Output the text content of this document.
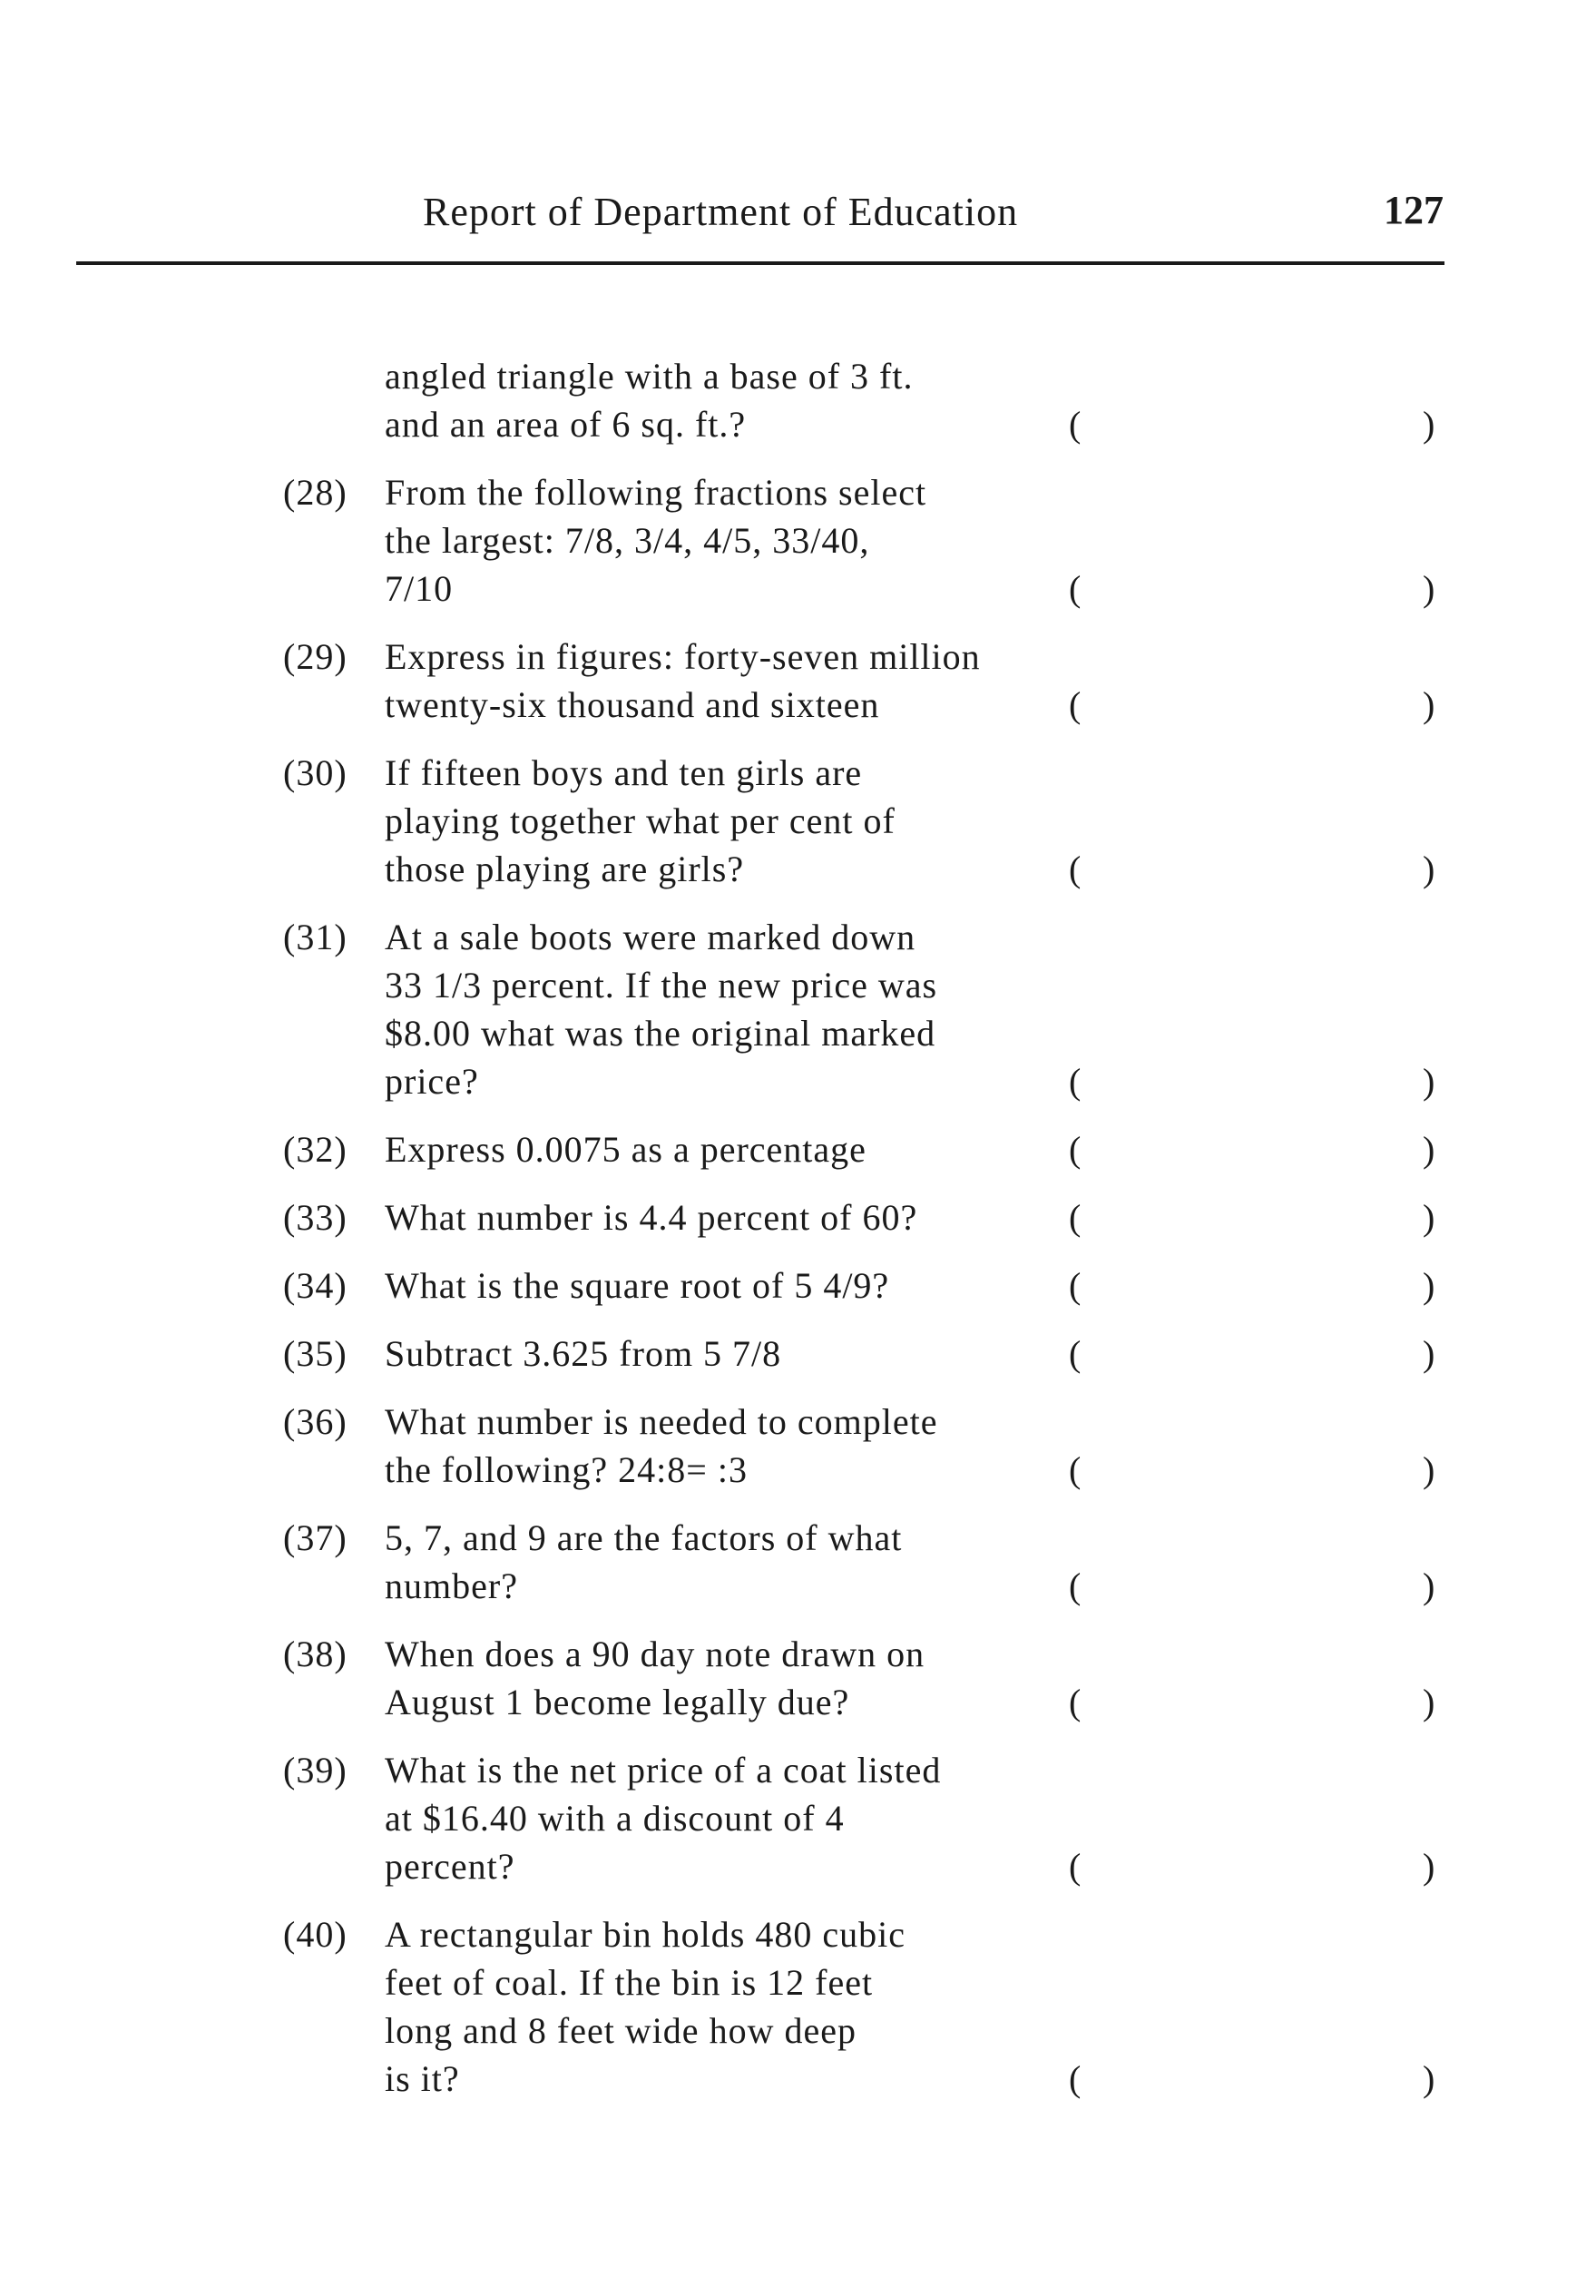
Report of Department of Education	127
angled triangle with a base of 3 ft.
and an area of 6 sq. ft.?	(	)
(28) From the following fractions select
the largest: 7/8, 3/4, 4/5, 33/40,
7/10	(	)
(29) Express in figures: forty-seven million
twenty-six thousand and sixteen	(	)
(30) If fifteen boys and ten girls are
playing together what per cent of
those playing are girls?	(	)
(31) At a sale boots were marked down
33 1/3 percent. If the new price was
$8.00 what was the original marked
price?	(	)
(32) Express 0.0075 as a percentage	(	)
(33) What number is 4.4 percent of 60?	(	)
(34) What is the square root of 5 4/9?	(	)
(35) Subtract 3.625 from 5 7/8	(	)
(36) What number is needed to complete
the following? 24:8= :3	(	)
(37) 5, 7, and 9 are the factors of what
number?	(	)
(38) When does a 90 day note drawn on
August 1 become legally due?	(	)
(39) What is the net price of a coat listed
at $16.40 with a discount of 4
percent?	(	)
(40) A rectangular bin holds 480 cubic
feet of coal. If the bin is 12 feet
long and 8 feet wide how deep
is it?	(	)
